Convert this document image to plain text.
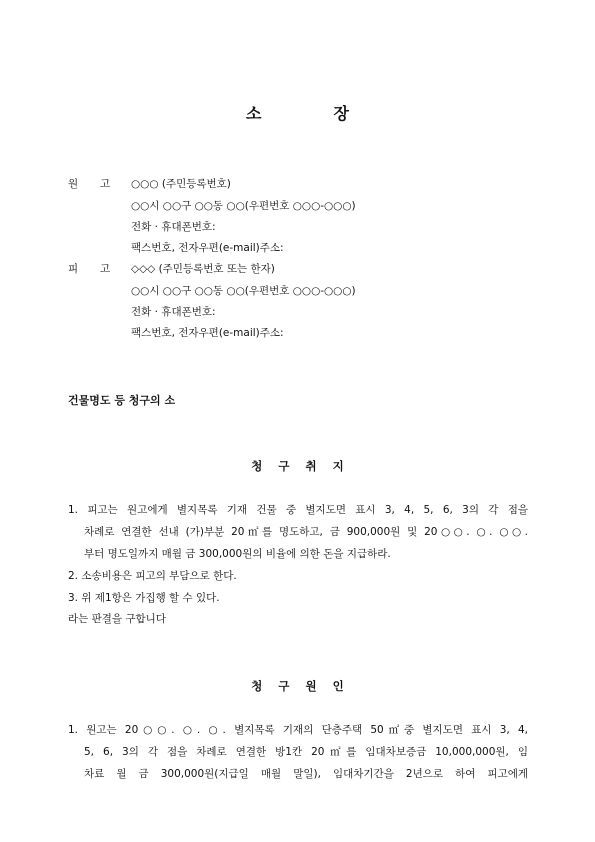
소	장
원 고	○○○ (주민등록번호)
○○시 ○○구 ○○동 ○○(우편번호 ○○○-○○○)
전화 · 휴대폰번호:
팩스번호, 전자우편(e-mail)주소:
피 고	◇◇◇ (주민등록번호 또는 한자)
○○시 ○○구 ○○동 ○○(우편번호 ○○○-○○○)
전화 · 휴대폰번호:
팩스번호, 전자우편(e-mail)주소:
건물명도 등 청구의 소
청 구 취 지
1. 피고는 원고에게 별지목록 기재 건물 중 별지도면 표시 3, 4, 5, 6, 3의 각 점을
차례로 연결한 선내 (가)부분 20㎡를 명도하고, 금 900,000원 및 20○○. ○. ○○.
부터 명도일까지 매월 금 300,000원의 비율에 의한 돈을 지급하라.
2. 소송비용은 피고의 부담으로 한다.
3. 위 제1항은 가집행 할 수 있다.
라는 판결을 구합니다
청 구 원 인
1. 원고는 20○○. ○. ○. 별지목록 기재의 단층주택 50㎡중 별지도면 표시 3, 4,
5, 6, 3의 각 점을 차례로 연결한 방1칸 20㎡를 임대차보증금 10,000,000원, 임
차료 월 금 300,000원(지급일 매월 말일), 임대차기간을 2년으로 하여 피고에게
